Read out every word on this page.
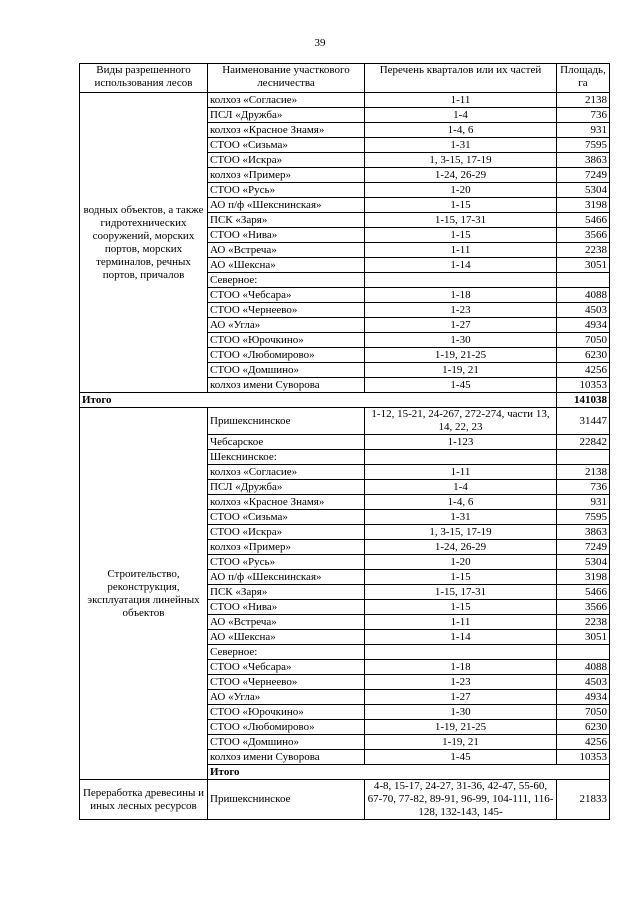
39
Виды разрешенного использования лесов	Наименование участкового лесничества	Перечень кварталов или их частей	Площадь, га	
водных объектов, а также гидротехнических сооружений, морских портов, морских терминалов, речных портов, причалов	колхоз «Согласие»	1-11	2138	
	ПСЛ «Дружба»	1-4	736	
	колхоз «Красное Знамя»	1-4, 6	931	
	СТОО «Сизьма»	1-31	7595	
	СТОО «Искра»	1, 3-15, 17-19	3863	
	колхоз «Пример»	1-24, 26-29	7249	
	СТОО «Русь»	1-20	5304	
	АО п/ф «Шекснинская»	1-15	3198	
	ПСК «Заря»	1-15, 17-31	5466	
	СТОО «Нива»	1-15	3566	
	АО «Встреча»	1-11	2238	
	АО «Шексна»	1-14	3051	
	Северное:			
	СТОО «Чебсара»	1-18	4088	
	СТОО «Чернеево»	1-23	4503	
	АО «Угла»	1-27	4934	
	СТОО «Юрочкино»	1-30	7050	
	СТОО «Любомирово»	1-19, 21-25	6230	
	СТОО «Домшино»	1-19, 21	4256	
	колхоз имени Суворова	1-45	10353	
Итого			141038	
Строительство, реконструкция, эксплуатация линейных объектов	Пришекснинское	1-12, 15-21, 24-267, 272-274, части 13, 14, 22, 23	31447	
	Чебсарское	1-123	22842	
	Шекснинское:			
	колхоз «Согласие»	1-11	2138	
	ПСЛ «Дружба»	1-4	736	
	колхоз «Красное Знамя»	1-4, 6	931	
	СТОО «Сизьма»	1-31	7595	
	СТОО «Искра»	1, 3-15, 17-19	3863	
	колхоз «Пример»	1-24, 26-29	7249	
	СТОО «Русь»	1-20	5304	
	АО п/ф «Шекснинская»	1-15	3198	
	ПСК «Заря»	1-15, 17-31	5466	
	СТОО «Нива»	1-15	3566	
	АО «Встреча»	1-11	2238	
	АО «Шексна»	1-14	3051	
	Северное:			
	СТОО «Чебсара»	1-18	4088	
	СТОО «Чернеево»	1-23	4503	
	АО «Угла»	1-27	4934	
	СТОО «Юрочкино»	1-30	7050	
	СТОО «Любомирово»	1-19, 21-25	6230	
	СТОО «Домшино»	1-19, 21	4256	
	колхоз имени Суворова	1-45	10353	
	Итого	
Переработка древесины и иных лесных ресурсов	Пришекснинское	4-8, 15-17, 24-27, 31-36, 42-47, 55-60, 67-70, 77-82, 89-91, 96-99, 104-111, 116-128, 132-143, 145-	21833	
